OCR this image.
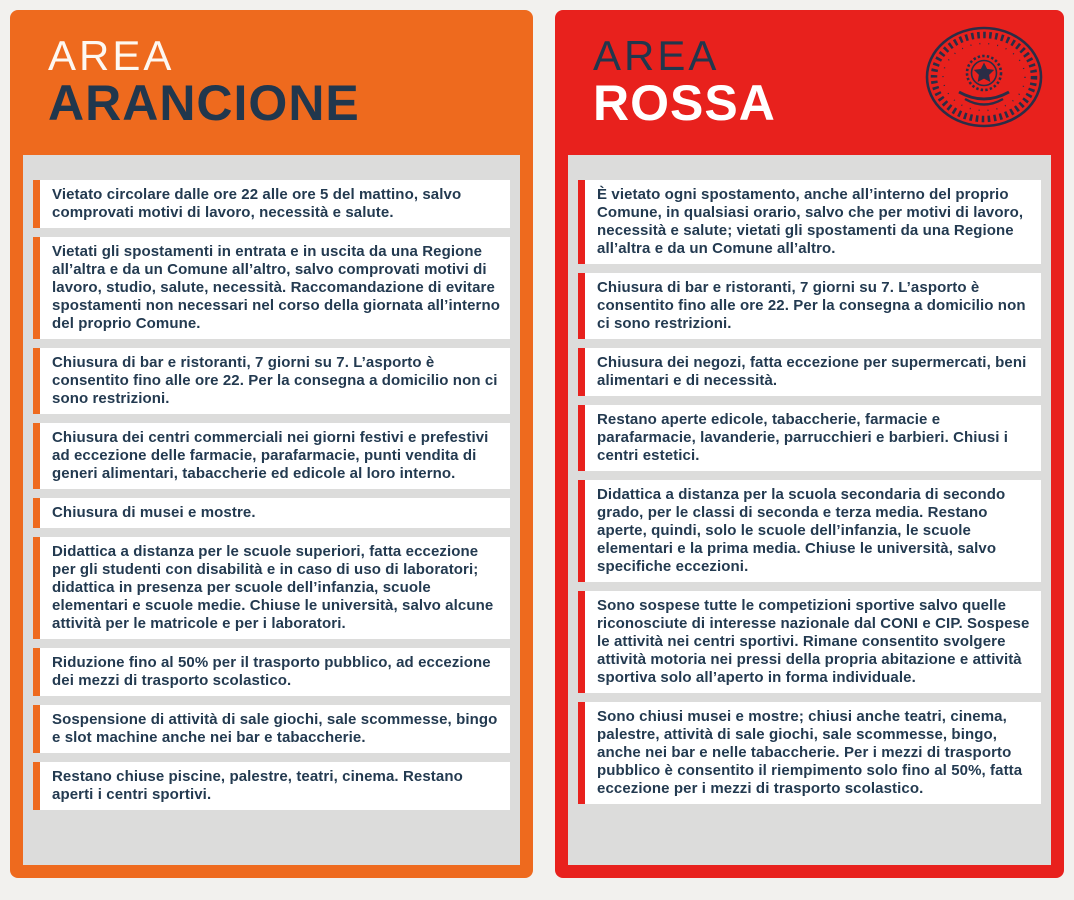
AREA
ARANCIONE

Vietato circolare dalle ore 22 alle ore 5 del mattino, salvo comprovati motivi di lavoro, necessità e salute.

Vietati gli spostamenti in entrata e in uscita da una Regione all’altra e da un Comune all’altro, salvo comprovati motivi di lavoro, studio, salute, necessità. Raccomandazione di evitare spostamenti non necessari nel corso della giornata all’interno del proprio Comune.

Chiusura di bar e ristoranti, 7 giorni su 7. L’asporto è consentito fino alle ore 22. Per la consegna a domicilio non ci sono restrizioni.

Chiusura dei centri commerciali nei giorni festivi e prefestivi ad eccezione delle farmacie, parafarmacie, punti vendita di generi alimentari, tabaccherie ed edicole al loro interno.

Chiusura di musei e mostre.

Didattica a distanza per le scuole superiori, fatta eccezione per gli studenti con disabilità e in caso di uso di laboratori; didattica in presenza per scuole dell’infanzia, scuole elementari e scuole medie. Chiuse le università, salvo alcune attività per le matricole e per i laboratori.

Riduzione fino al 50% per il trasporto pubblico, ad eccezione dei mezzi di trasporto scolastico.

Sospensione di attività di sale giochi, sale scommesse, bingo e slot machine anche nei bar e tabaccherie.

Restano chiuse piscine, palestre, teatri, cinema. Restano aperti i centri sportivi.

AREA
ROSSA

È vietato ogni spostamento, anche all’interno del proprio Comune, in qualsiasi orario, salvo che per motivi di lavoro, necessità e salute; vietati gli spostamenti da una Regione all’altra e da un Comune all’altro.

Chiusura di bar e ristoranti, 7 giorni su 7. L’asporto è consentito fino alle ore 22. Per la consegna a domicilio non ci sono restrizioni.

Chiusura dei negozi, fatta eccezione per supermercati, beni alimentari e di necessità.

Restano aperte edicole, tabaccherie, farmacie e parafarmacie, lavanderie, parrucchieri e barbieri. Chiusi i centri estetici.

Didattica a distanza per la scuola secondaria di secondo grado, per le classi di seconda e terza media. Restano aperte, quindi, solo le scuole dell’infanzia, le scuole elementari e la prima media. Chiuse le università, salvo specifiche eccezioni.

Sono sospese tutte le competizioni sportive salvo quelle riconosciute di interesse nazionale dal CONI e CIP. Sospese le attività nei centri sportivi. Rimane consentito svolgere attività motoria nei pressi della propria abitazione e attività sportiva solo all’aperto in forma individuale.

Sono chiusi musei e mostre; chiusi anche teatri, cinema, palestre, attività di sale giochi, sale scommesse, bingo, anche nei bar e nelle tabaccherie. Per i mezzi di trasporto pubblico è consentito il riempimento solo fino al 50%, fatta eccezione per i mezzi di trasporto scolastico.
